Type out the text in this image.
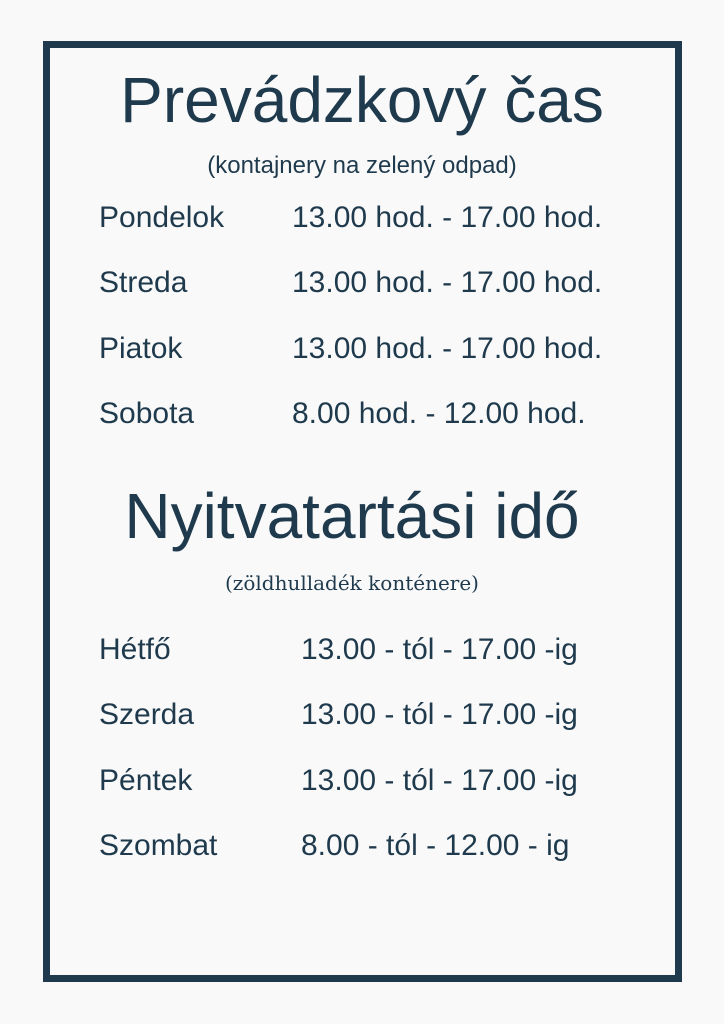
Prevádzkový čas
(kontajnery na zelený odpad)
Pondelok 13.00 hod. - 17.00 hod.
Streda	13.00 hod. - 17.00 hod.
Piatok	13.00 hod. - 17.00 hod.
Sobota	8.00 hod. - 12.00 hod.
Nyitvatartási idő
(zöldhulladék konténere)
Hétfő	13.00 - tól - 17.00 -ig
Szerda	13.00 - tól - 17.00 -ig
Péntek	13.00 - tól - 17.00 -ig
Szombat	8.00 - tól - 12.00 - ig
